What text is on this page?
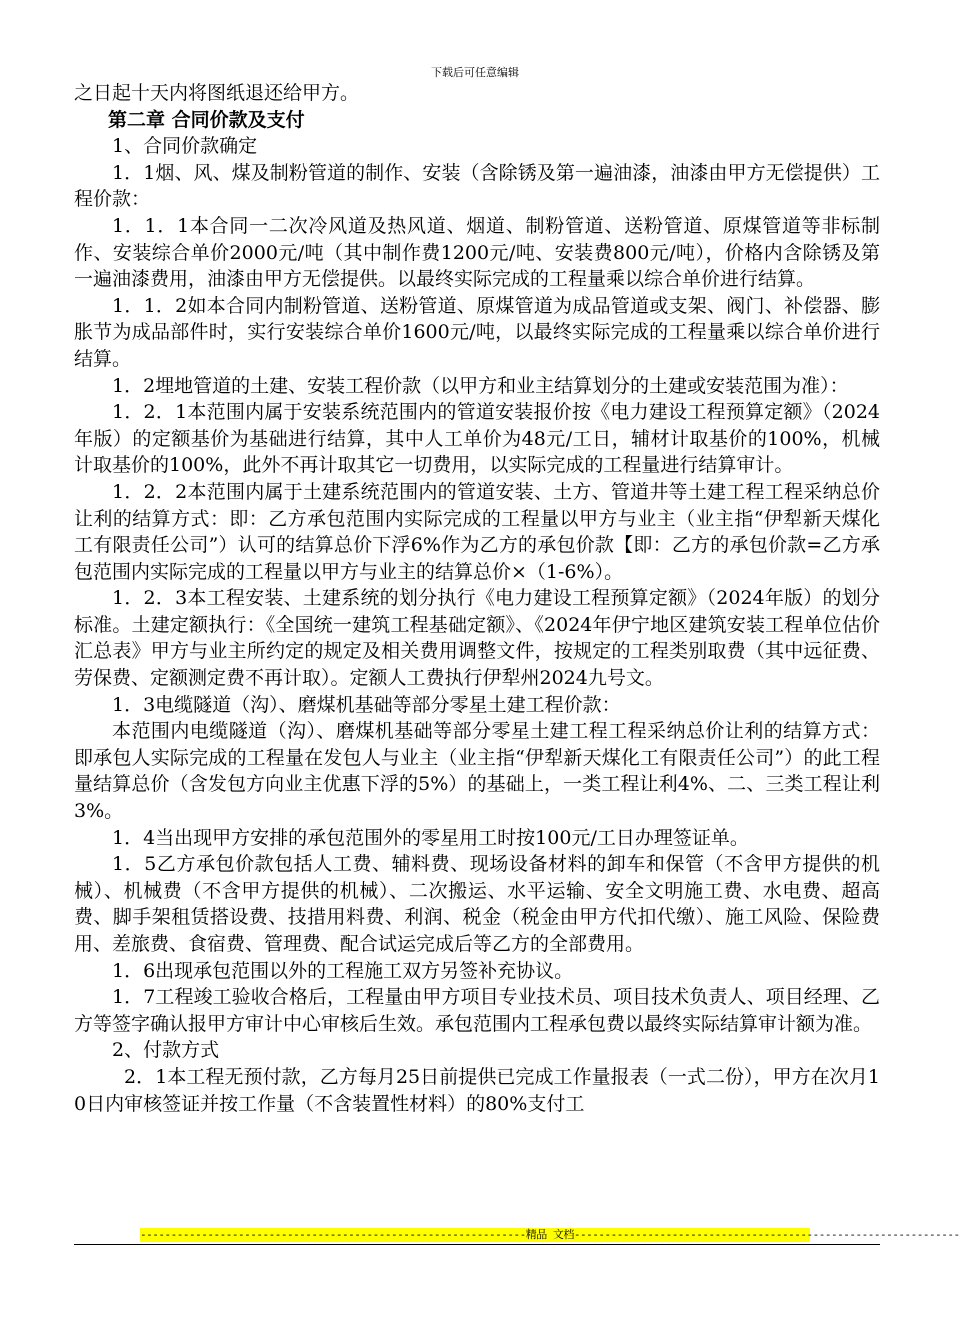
下载后可任意编辑

之日起十天内将图纸退还给甲方。

第二章 合同价款及支付

1、合同价款确定

1．1烟、风、煤及制粉管道的制作、安装（含除锈及第一遍油漆，油漆由甲方无偿提供）工程价款：

1．1．1本合同一二次冷风道及热风道、烟道、制粉管道、送粉管道、原煤管道等非标制作、安装综合单价2000元/吨（其中制作费1200元/吨、安装费800元/吨），价格内含除锈及第一遍油漆费用，油漆由甲方无偿提供。以最终实际完成的工程量乘以综合单价进行结算。

1．1．2如本合同内制粉管道、送粉管道、原煤管道为成品管道或支架、阀门、补偿器、膨胀节为成品部件时，实行安装综合单价1600元/吨，以最终实际完成的工程量乘以综合单价进行结算。

1．2埋地管道的土建、安装工程价款（以甲方和业主结算划分的土建或安装范围为准）：

1．2．1本范围内属于安装系统范围内的管道安装报价按《电力建设工程预算定额》（2024年版）的定额基价为基础进行结算，其中人工单价为48元/工日，辅材计取基价的100%，机械计取基价的100%，此外不再计取其它一切费用，以实际完成的工程量进行结算审计。

1．2．2本范围内属于土建系统范围内的管道安装、土方、管道井等土建工程工程采纳总价让利的结算方式：即：乙方承包范围内实际完成的工程量以甲方与业主（业主指“伊犁新天煤化工有限责任公司”）认可的结算总价下浮6%作为乙方的承包价款【即：乙方的承包价款=乙方承包范围内实际完成的工程量以甲方与业主的结算总价×（1-6%）。

1．2．3本工程安装、土建系统的划分执行《电力建设工程预算定额》（2024年版）的划分标准。土建定额执行：《全国统一建筑工程基础定额》、《2024年伊宁地区建筑安装工程单位估价汇总表》甲方与业主所约定的规定及相关费用调整文件，按规定的工程类别取费（其中远征费、劳保费、定额测定费不再计取）。定额人工费执行伊犁州2024九号文。

1．3电缆隧道（沟）、磨煤机基础等部分零星土建工程价款：

本范围内电缆隧道（沟）、磨煤机基础等部分零星土建工程工程采纳总价让利的结算方式：即承包人实际完成的工程量在发包人与业主（业主指“伊犁新天煤化工有限责任公司”）的此工程量结算总价（含发包方向业主优惠下浮的5%）的基础上，一类工程让利4%、二、三类工程让利3%。

1．4当出现甲方安排的承包范围外的零星用工时按100元/工日办理签证单。

1．5乙方承包价款包括人工费、辅料费、现场设备材料的卸车和保管（不含甲方提供的机械）、机械费（不含甲方提供的机械）、二次搬运、水平运输、安全文明施工费、水电费、超高费、脚手架租赁搭设费、技措用料费、利润、税金（税金由甲方代扣代缴）、施工风险、保险费用、差旅费、食宿费、管理费、配合试运完成后等乙方的全部费用。

1．6出现承包范围以外的工程施工双方另签补充协议。

1．7工程竣工验收合格后，工程量由甲方项目专业技术员、项目技术负责人、项目经理、乙方等签字确认报甲方审计中心审核后生效。承包范围内工程承包费以最终实际结算审计额为准。

2、付款方式

2．1本工程无预付款，乙方每月25日前提供已完成工作量报表（一式二份），甲方在次月10日内审核签证并按工作量（不含装置性材料）的80%支付工

---------------------------------------------------------------精品 文档---------------------------------------------------------------
